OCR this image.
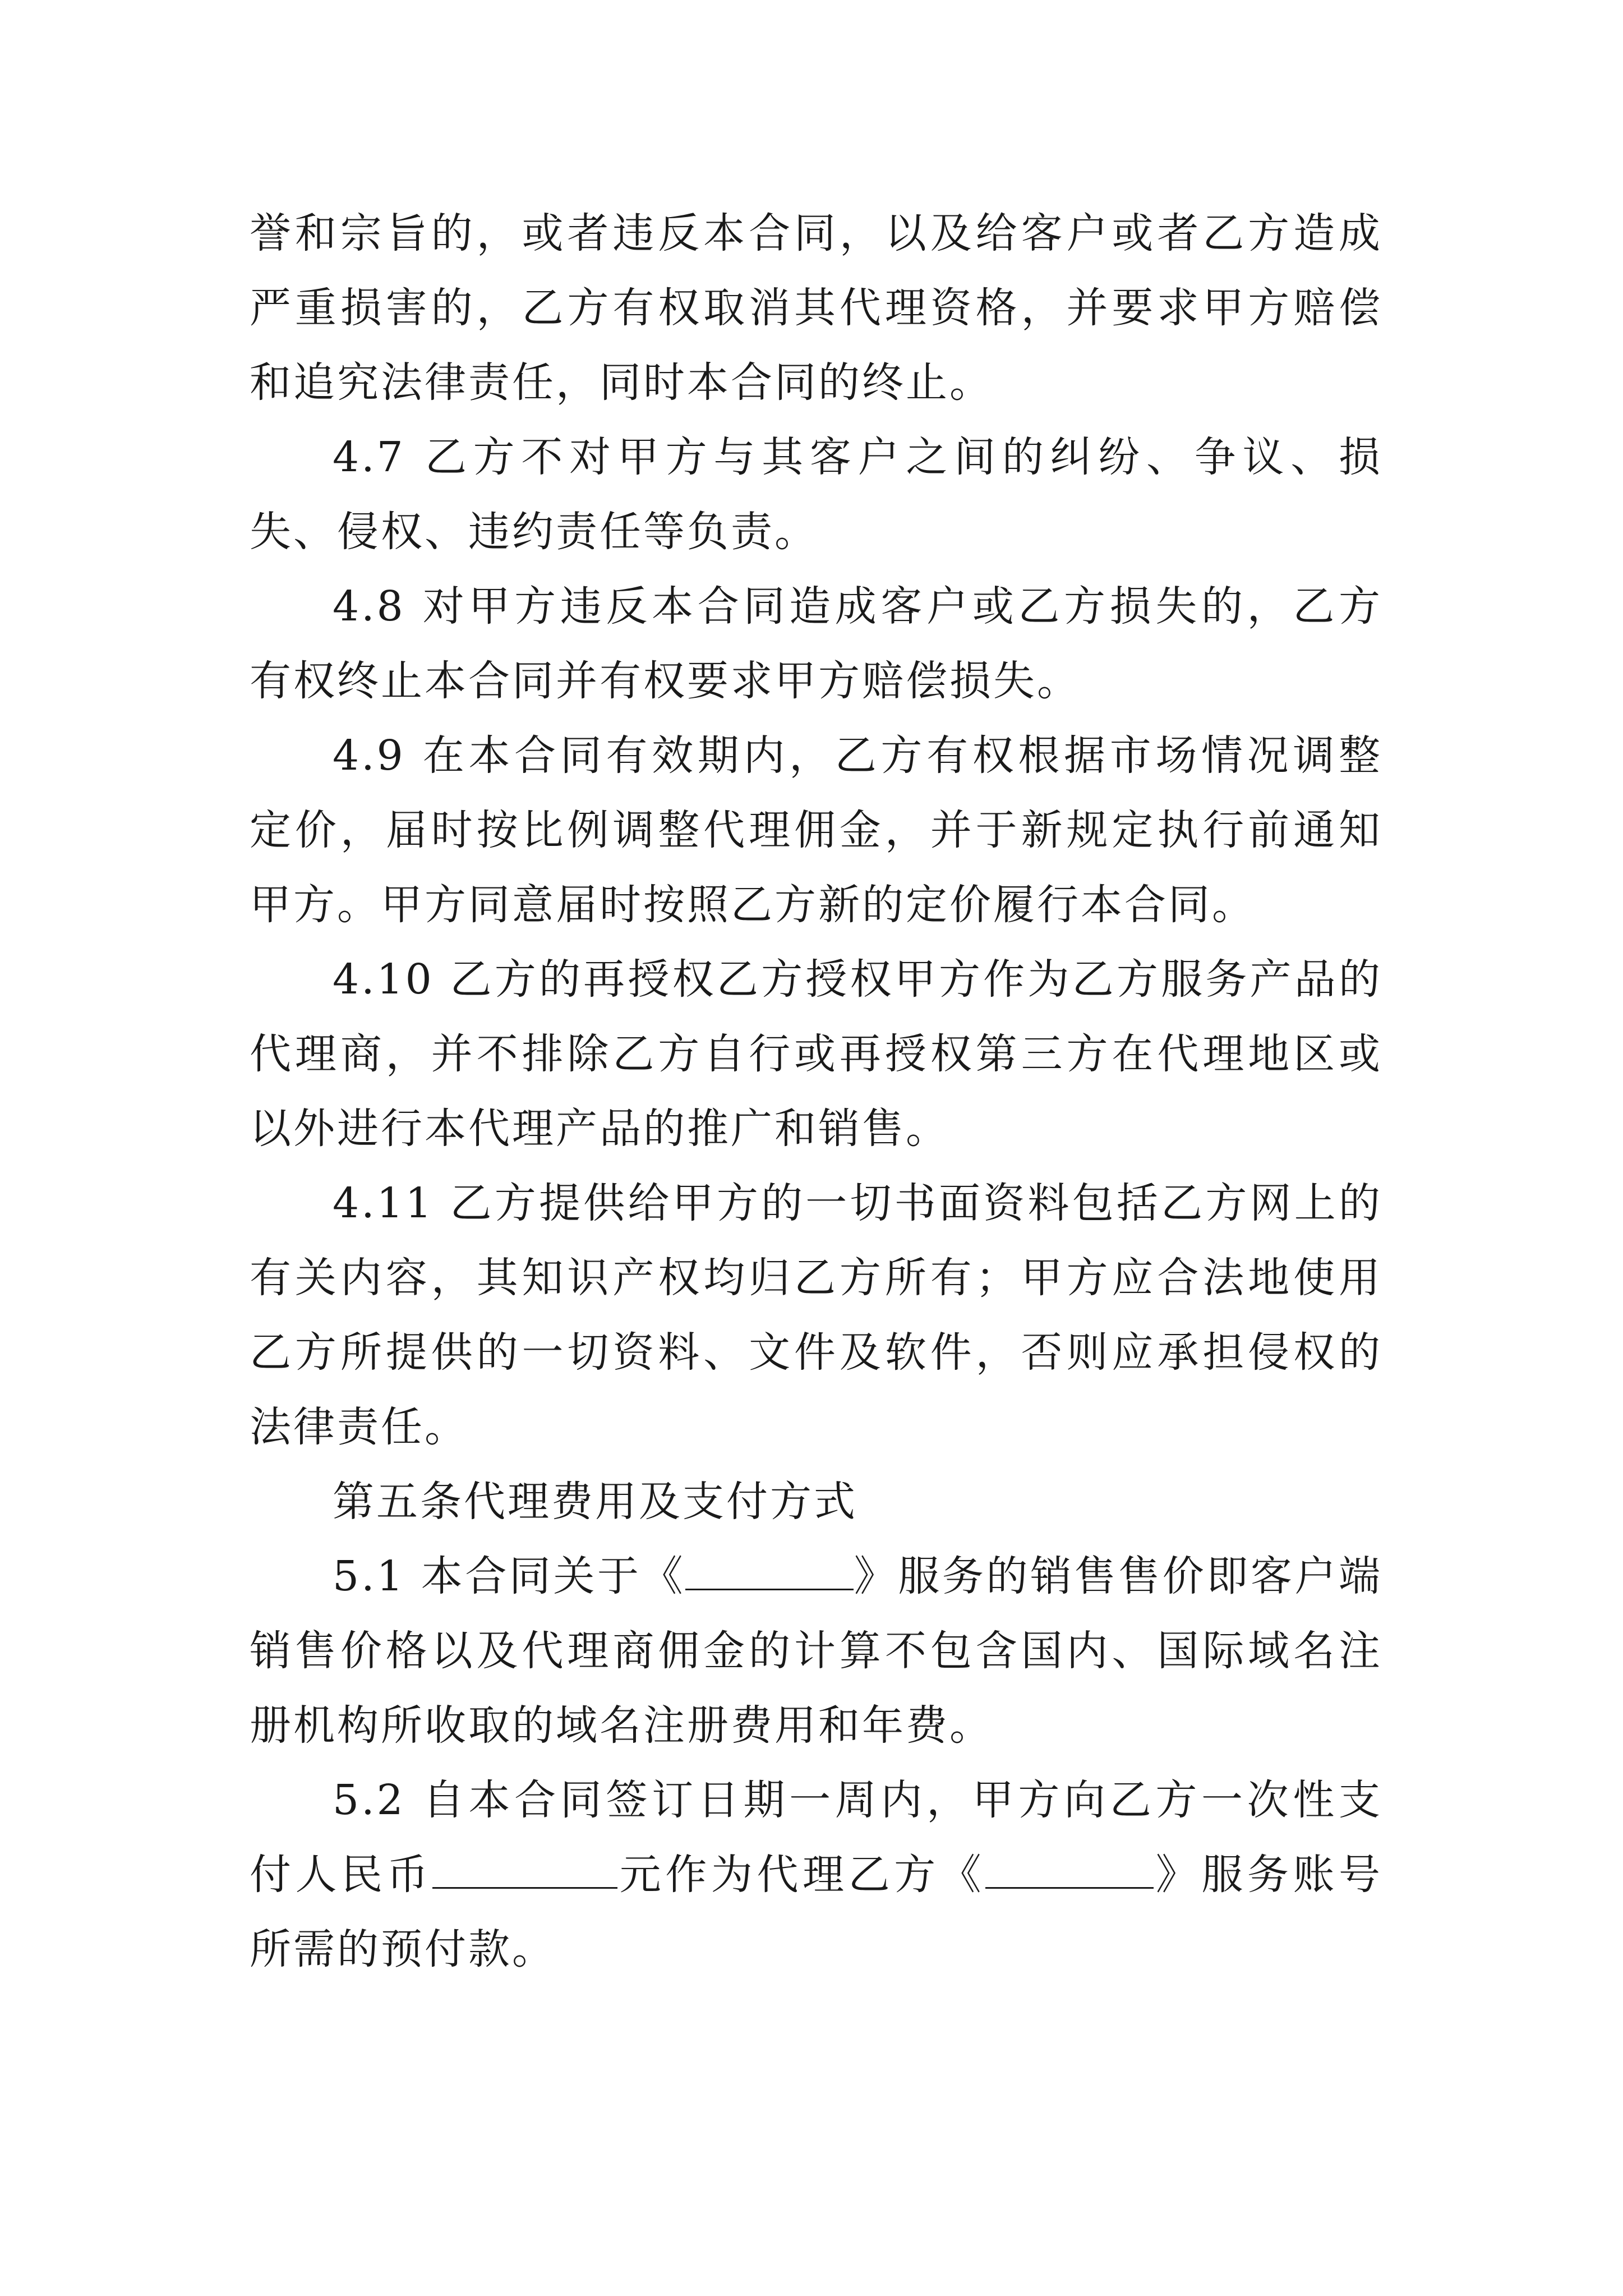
誉和宗旨的，或者违反本合同，以及给客户或者乙方造成严重损害的，乙方有权取消其代理资格，并要求甲方赔偿和追究法律责任，同时本合同的终止。

4.7 乙方不对甲方与其客户之间的纠纷、争议、损失、侵权、违约责任等负责。

4.8 对甲方违反本合同造成客户或乙方损失的，乙方有权终止本合同并有权要求甲方赔偿损失。

4.9 在本合同有效期内，乙方有权根据市场情况调整定价，届时按比例调整代理佣金，并于新规定执行前通知甲方。甲方同意届时按照乙方新的定价履行本合同。

4.10 乙方的再授权乙方授权甲方作为乙方服务产品的代理商，并不排除乙方自行或再授权第三方在代理地区或以外进行本代理产品的推广和销售。

4.11 乙方提供给甲方的一切书面资料包括乙方网上的有关内容，其知识产权均归乙方所有；甲方应合法地使用乙方所提供的一切资料、文件及软件，否则应承担侵权的法律责任。

第五条代理费用及支付方式

5.1 本合同关于《	》服务的销售售价即客户端销售价格以及代理商佣金的计算不包含国内、国际域名注册机构所收取的域名注册费用和年费。

5.2 自本合同签订日期一周内，甲方向乙方一次性支付人民币	元作为代理乙方《	》服务账号所需的预付款。
